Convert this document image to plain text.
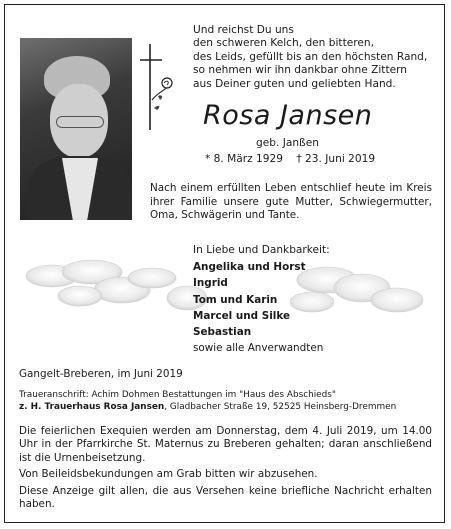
Und reichst Du uns
den schweren Kelch, den bitteren,
des Leids, gefüllt bis an den höchsten Rand,
so nehmen wir ihn dankbar ohne Zittern
aus Deiner guten und geliebten Hand.
Rosa Jansen
geb. Janßen
* 8. März 1929 † 23. Juni 2019
Nach einem erfüllten Leben entschlief heute im Kreis ihrer Familie unsere gute Mutter, Schwiegermutter, Oma, Schwägerin und Tante.
In Liebe und Dankbarkeit:
Angelika und Horst
Ingrid
Tom und Karin
Marcel und Silke
Sebastian
sowie alle Anverwandten
Gangelt-Breberen, im Juni 2019
Traueranschrift: Achim Dohmen Bestattungen im "Haus des Abschieds"
z. H. Trauerhaus Rosa Jansen, Gladbacher Straße 19, 52525 Heinsberg-Dremmen

Die feierlichen Exequien werden am Donnerstag, dem 4. Juli 2019, um 14.00 Uhr in der Pfarrkirche St. Maternus zu Breberen gehalten; daran anschließend ist die Urnenbeisetzung.

Von Beileidsbekundungen am Grab bitten wir abzusehen.

Diese Anzeige gilt allen, die aus Versehen keine briefliche Nachricht erhalten haben.
